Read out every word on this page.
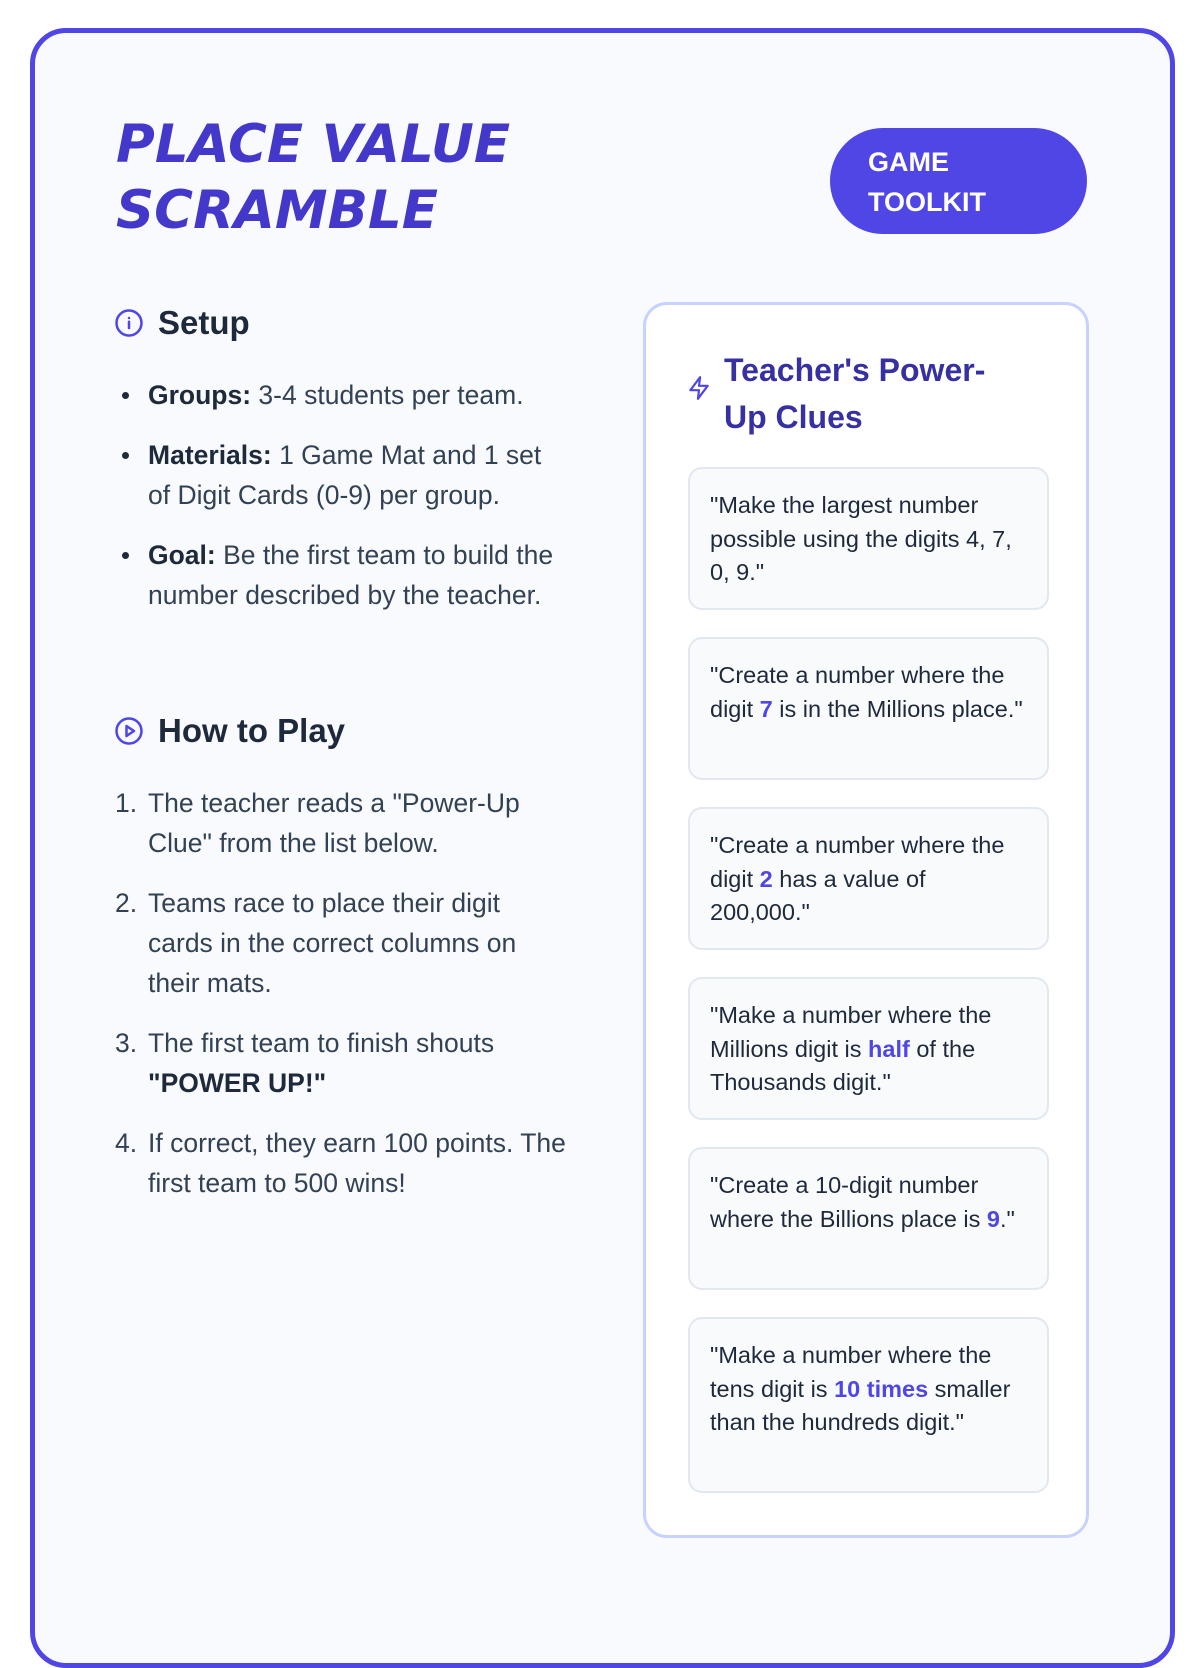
PLACE VALUE SCRAMBLE
GAME TOOLKIT
Setup
Groups: 3-4 students per team.
Materials: 1 Game Mat and 1 set of Digit Cards (0-9) per group.
Goal: Be the first team to build the number described by the teacher.
How to Play
1. The teacher reads a "Power-Up Clue" from the list below.
2. Teams race to place their digit cards in the correct columns on their mats.
3. The first team to finish shouts "POWER UP!"
4. If correct, they earn 100 points. The first team to 500 wins!
Teacher's Power-Up Clues
"Make the largest number possible using the digits 4, 7, 0, 9."
"Create a number where the digit 7 is in the Millions place."
"Create a number where the digit 2 has a value of 200,000."
"Make a number where the Millions digit is half of the Thousands digit."
"Create a 10-digit number where the Billions place is 9."
"Make a number where the tens digit is 10 times smaller than the hundreds digit."
